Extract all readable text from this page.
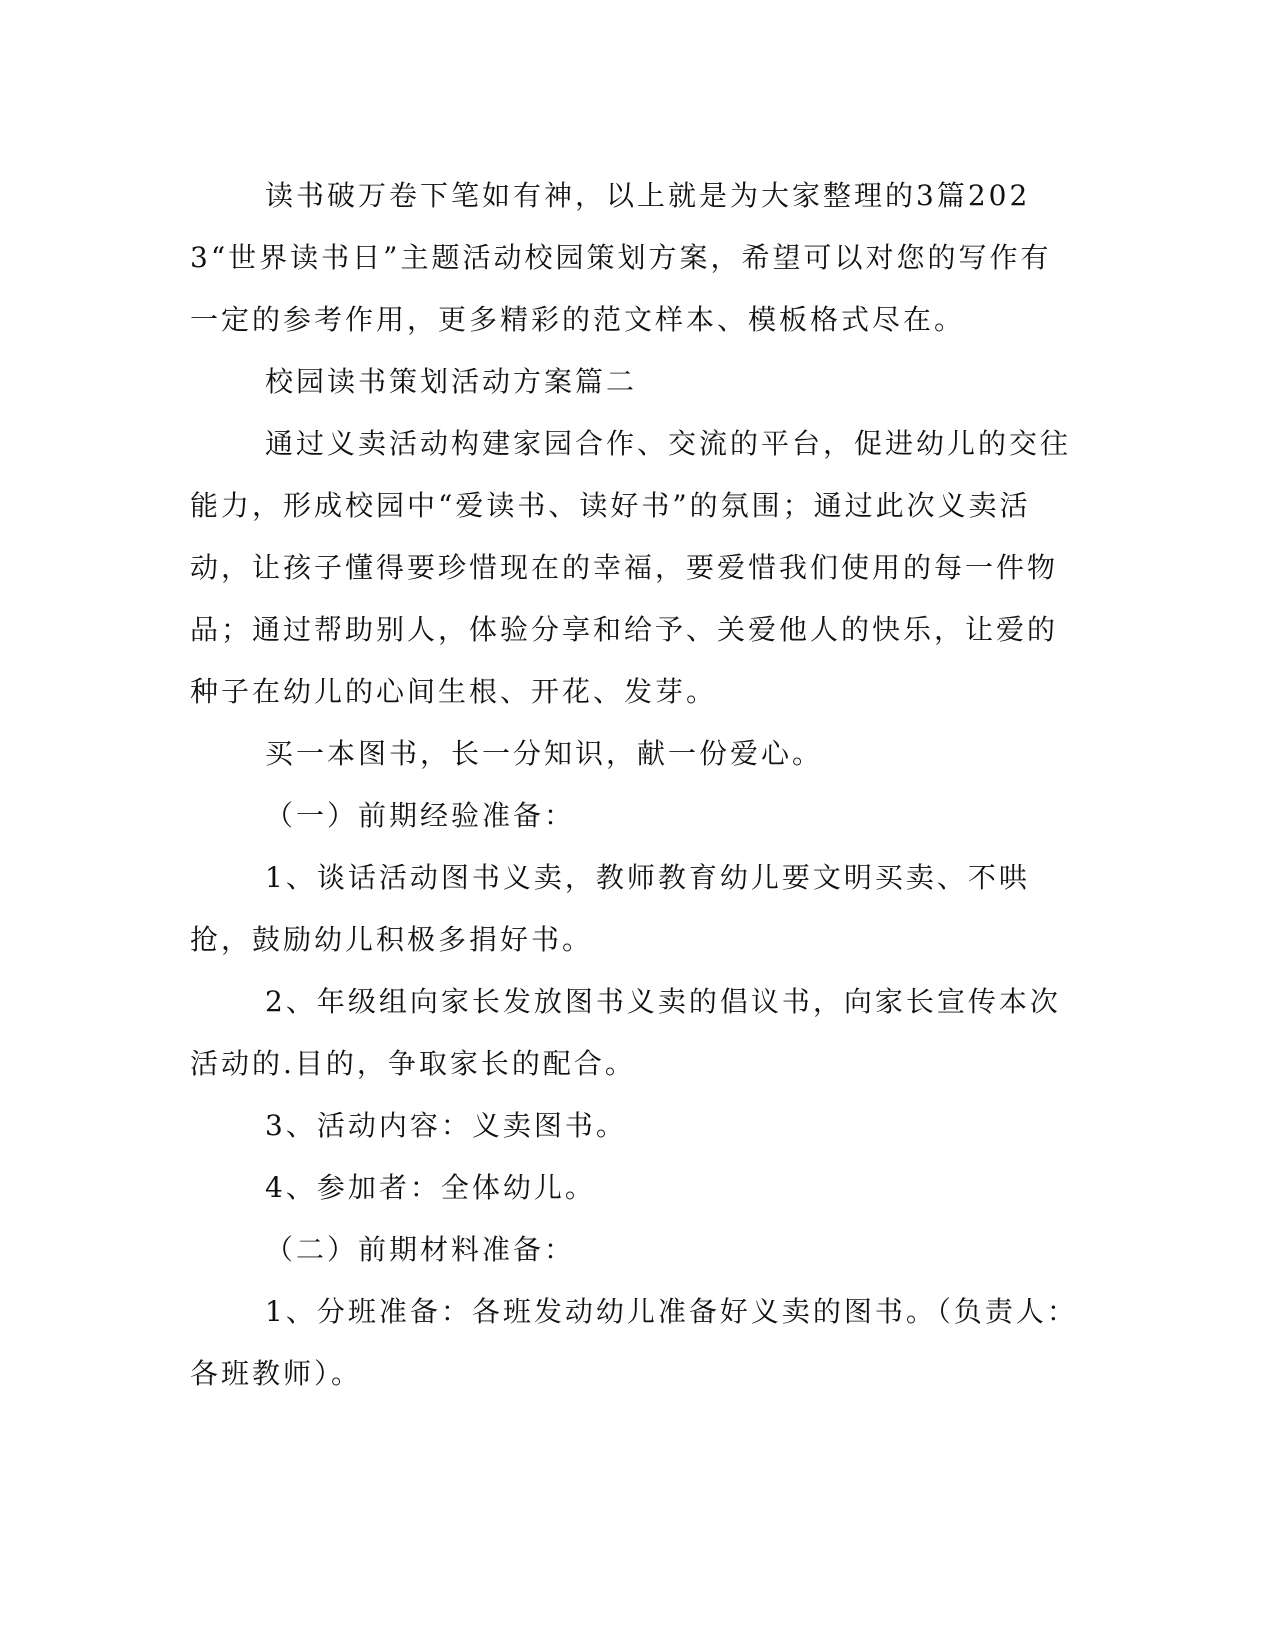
读书破万卷下笔如有神，以上就是为大家整理的3篇2023“世界读书日”主题活动校园策划方案，希望可以对您的写作有一定的参考作用，更多精彩的范文样本、模板格式尽在。

校园读书策划活动方案篇二

通过义卖活动构建家园合作、交流的平台，促进幼儿的交往能力，形成校园中“爱读书、读好书”的氛围；通过此次义卖活动，让孩子懂得要珍惜现在的幸福，要爱惜我们使用的每一件物品；通过帮助别人，体验分享和给予、关爱他人的快乐，让爱的种子在幼儿的心间生根、开花、发芽。

买一本图书，长一分知识，献一份爱心。

（一）前期经验准备：

1、谈话活动图书义卖，教师教育幼儿要文明买卖、不哄抢，鼓励幼儿积极多捐好书。

2、年级组向家长发放图书义卖的倡议书，向家长宣传本次活动的.目的，争取家长的配合。

3、活动内容：义卖图书。

4、参加者：全体幼儿。

（二）前期材料准备：

1、分班准备：各班发动幼儿准备好义卖的图书。（负责人：各班教师）。
